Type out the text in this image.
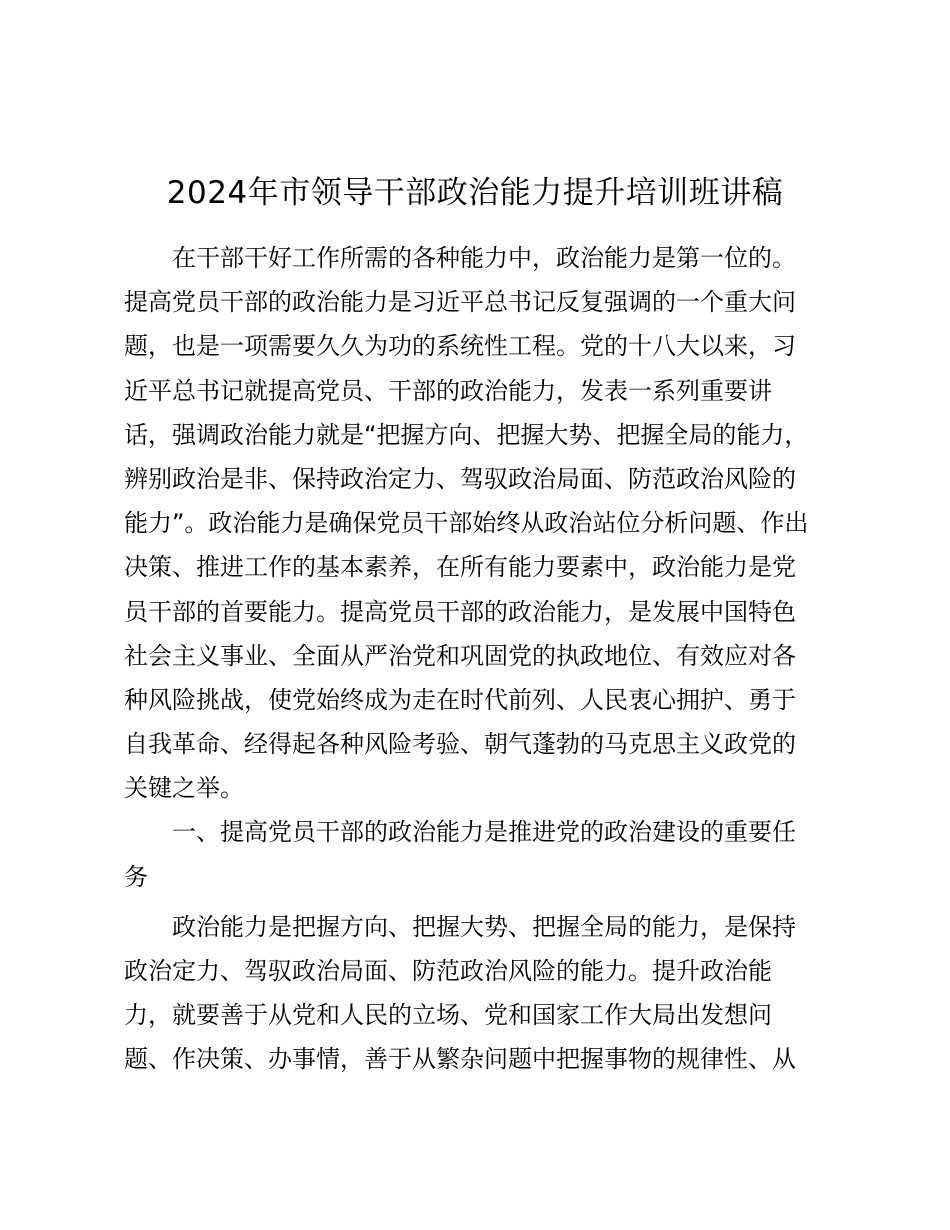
2024年市领导干部政治能力提升培训班讲稿
在干部干好工作所需的各种能力中，政治能力是第一位的。
提高党员干部的政治能力是习近平总书记反复强调的一个重大问
题，也是一项需要久久为功的系统性工程。党的十八大以来，习
近平总书记就提高党员、干部的政治能力，发表一系列重要讲
话，强调政治能力就是“把握方向、把握大势、把握全局的能力，
辨别政治是非、保持政治定力、驾驭政治局面、防范政治风险的
能力”。政治能力是确保党员干部始终从政治站位分析问题、作出
决策、推进工作的基本素养，在所有能力要素中，政治能力是党
员干部的首要能力。提高党员干部的政治能力，是发展中国特色
社会主义事业、全面从严治党和巩固党的执政地位、有效应对各
种风险挑战，使党始终成为走在时代前列、人民衷心拥护、勇于
自我革命、经得起各种风险考验、朝气蓬勃的马克思主义政党的
关键之举。
一、提高党员干部的政治能力是推进党的政治建设的重要任
务
政治能力是把握方向、把握大势、把握全局的能力，是保持
政治定力、驾驭政治局面、防范政治风险的能力。提升政治能
力，就要善于从党和人民的立场、党和国家工作大局出发想问
题、作决策、办事情，善于从繁杂问题中把握事物的规律性、从
